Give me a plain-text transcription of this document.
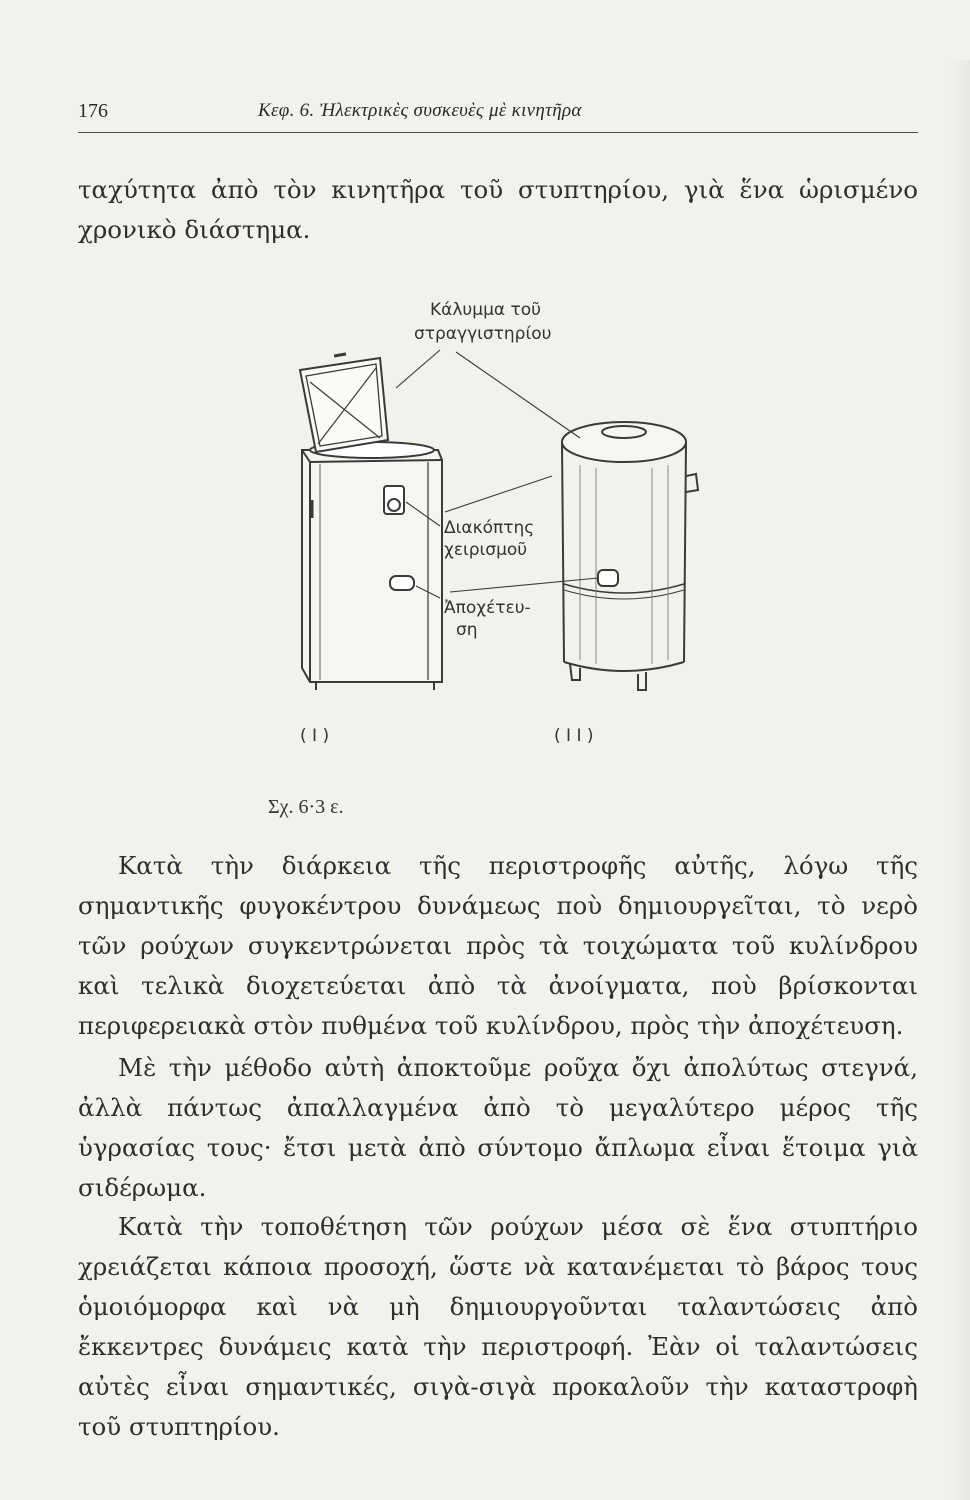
176	Κεφ. 6. Ἠλεκτρικὲς συσκευὲς μὲ κινητῆρα

ταχύτητα ἀπὸ τὸν κινητῆρα τοῦ στυπτηρίου, γιὰ ἕνα ὡρισμένο χρονικὸ διάστημα.

Κάλυμμα τοῦ
στραγγιστηρίου
Διακόπτης
χειρισμοῦ
Ἀποχέτευ-
ση
( I )	( I I )
Σχ. 6·3 ε.

Κατὰ τὴν διάρκεια τῆς περιστροφῆς αὐτῆς, λόγω τῆς σημαντικῆς φυγοκέντρου δυνάμεως ποὺ δημιουργεῖται, τὸ νερὸ τῶν ρούχων συγκεντρώνεται πρὸς τὰ τοιχώματα τοῦ κυλίνδρου καὶ τελικὰ διοχετεύεται ἀπὸ τὰ ἀνοίγματα, ποὺ βρίσκονται περιφερειακὰ στὸν πυθμένα τοῦ κυλίνδρου, πρὸς τὴν ἀποχέτευση.

Μὲ τὴν μέθοδο αὐτὴ ἀποκτοῦμε ροῦχα ὄχι ἀπολύτως στεγνά, ἀλλὰ πάντως ἀπαλλαγμένα ἀπὸ τὸ μεγαλύτερο μέρος τῆς ὑγρασίας τους· ἔτσι μετὰ ἀπὸ σύντομο ἄπλωμα εἶναι ἕτοιμα γιὰ σιδέρωμα.

Κατὰ τὴν τοποθέτηση τῶν ρούχων μέσα σὲ ἕνα στυπτήριο χρειάζεται κάποια προσοχή, ὥστε νὰ κατανέμεται τὸ βάρος τους ὁμοιόμορφα καὶ νὰ μὴ δημιουργοῦνται ταλαντώσεις ἀπὸ ἔκκεντρες δυνάμεις κατὰ τὴν περιστροφή. Ἐὰν οἱ ταλαντώσεις αὐτὲς εἶναι σημαντικές, σιγὰ-σιγὰ προκαλοῦν τὴν καταστροφὴ τοῦ στυπτηρίου.
